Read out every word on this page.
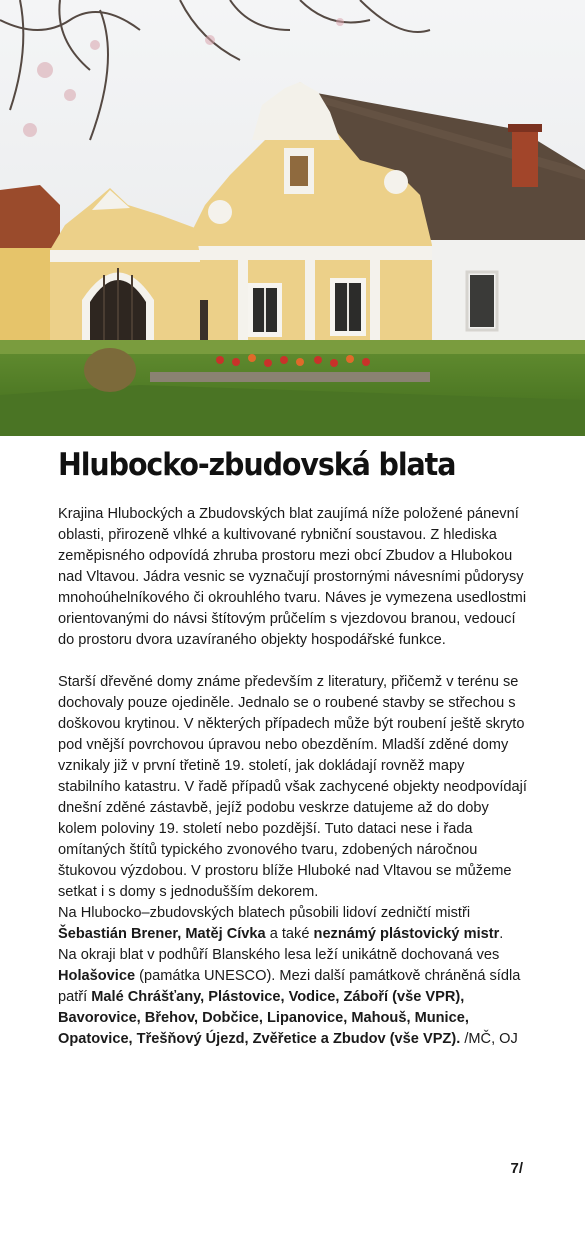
Hlubocko-zbudovská blata

Krajina Hlubockých a Zbudovských blat zaujímá níže položené pánevní oblasti, přirozeně vlhké a kultivované rybniční soustavou. Z hlediska zeměpisného odpovídá zhruba prostoru mezi obcí Zbudov a Hlubokou nad Vltavou. Jádra vesnic se vyznačují prostornými návesními půdorysy mnohoúhelníkového či okrouhlého tvaru. Náves je vymezena usedlostmi orientovanými do návsi štítovým průčelím s vjezdovou branou, vedoucí do prostoru dvora uzavíraného objekty hospodářské funkce.

Starší dřevěné domy známe především z literatury, přičemž v terénu se dochovaly pouze ojediněle. Jednalo se o roubené stavby se střechou s doškovou krytinou. V některých případech může být roubení ještě skryto pod vnější povrchovou úpravou nebo obezděním. Mladší zděné domy vznikaly již v první třetině 19. století, jak dokládají rovněž mapy stabilního katastru. V řadě případů však zachycené objekty neodpovídají dnešní zděné zástavbě, jejíž podobu veskrze datujeme až do doby kolem poloviny 19. století nebo pozdější. Tuto dataci nese i řada omítaných štítů typického zvonového tvaru, zdobených náročnou štukovou výzdobou. V prostoru blíže Hluboké nad Vltavou se můžeme setkat i s domy s jednodušším dekorem.

Na Hlubocko–zbudovských blatech působili lidoví zedničtí mistři Šebastián Brener, Matěj Cívka a také neznámý plástovický mistr.

Na okraji blat v podhůří Blanského lesa leží unikátně dochovaná ves Holašovice (památka UNESCO). Mezi další památkově chráněná sídla patří Malé Chrášťany, Plástovice, Vodice, Záboří (vše VPR), Bavorovice, Břehov, Dobčice, Lipanovice, Mahouš, Munice, Opatovice, Třešňový Újezd, Zvěřetice a Zbudov (vše VPZ). /MČ, OJ

7/
